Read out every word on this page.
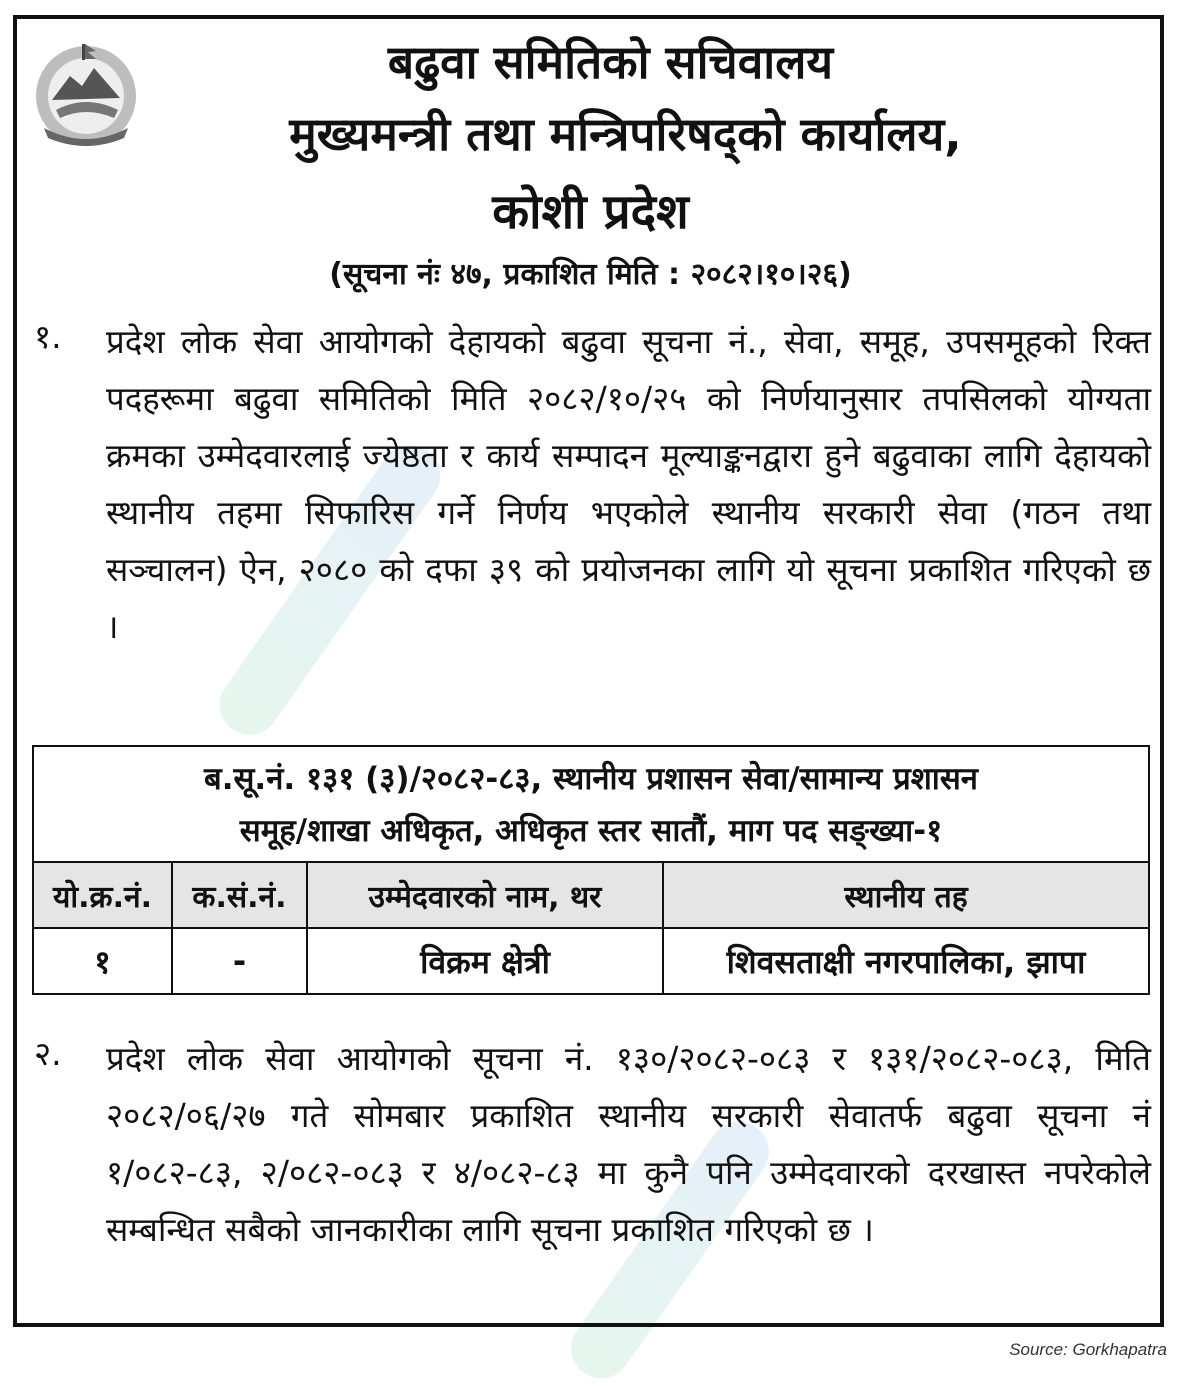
बढुवा समितिको सचिवालय
मुख्यमन्त्री तथा मन्त्रिपरिषद्को कार्यालय,
कोशी प्रदेश
(सूचना नंः ४७, प्रकाशित मिति : २०८२।१०।२६)
१. प्रदेश लोक सेवा आयोगको देहायको बढुवा सूचना नं., सेवा, समूह, उपसमूहको रिक्त पदहरूमा बढुवा समितिको मिति २०८२/१०/२५ को निर्णयानुसार तपसिलको योग्यता क्रमका उम्मेदवारलाई ज्येष्ठता र कार्य सम्पादन मूल्याङ्कनद्वारा हुने बढुवाका लागि देहायको स्थानीय तहमा सिफारिस गर्ने निर्णय भएकोले स्थानीय सरकारी सेवा (गठन तथा सञ्चालन) ऐन, २०८० को दफा ३९ को प्रयोजनका लागि यो सूचना प्रकाशित गरिएको छ ।
ब.सू.नं. १३१ (३)/२०८२-८३, स्थानीय प्रशासन सेवा/सामान्य प्रशासन
समूह/शाखा अधिकृत, अधिकृत स्तर सातौं, माग पद सङ्ख्या-१			

यो.क्र.नं.	क.सं.नं.	उम्मेदवारको नाम, थर	स्थानीय तह
१	-	विक्रम क्षेत्री	शिवसताक्षी नगरपालिका, झापा
२. प्रदेश लोक सेवा आयोगको सूचना नं. १३०/२०८२-०८३ र १३१/२०८२-०८३, मिति २०८२/०६/२७ गते सोमबार प्रकाशित स्थानीय सरकारी सेवातर्फ बढुवा सूचना नं १/०८२-८३, २/०८२-०८३ र ४/०८२-८३ मा कुनै पनि उम्मेदवारको दरखास्त नपरेकोले सम्बन्धित सबैको जानकारीका लागि सूचना प्रकाशित गरिएको छ ।
Source: Gorkhapatra
